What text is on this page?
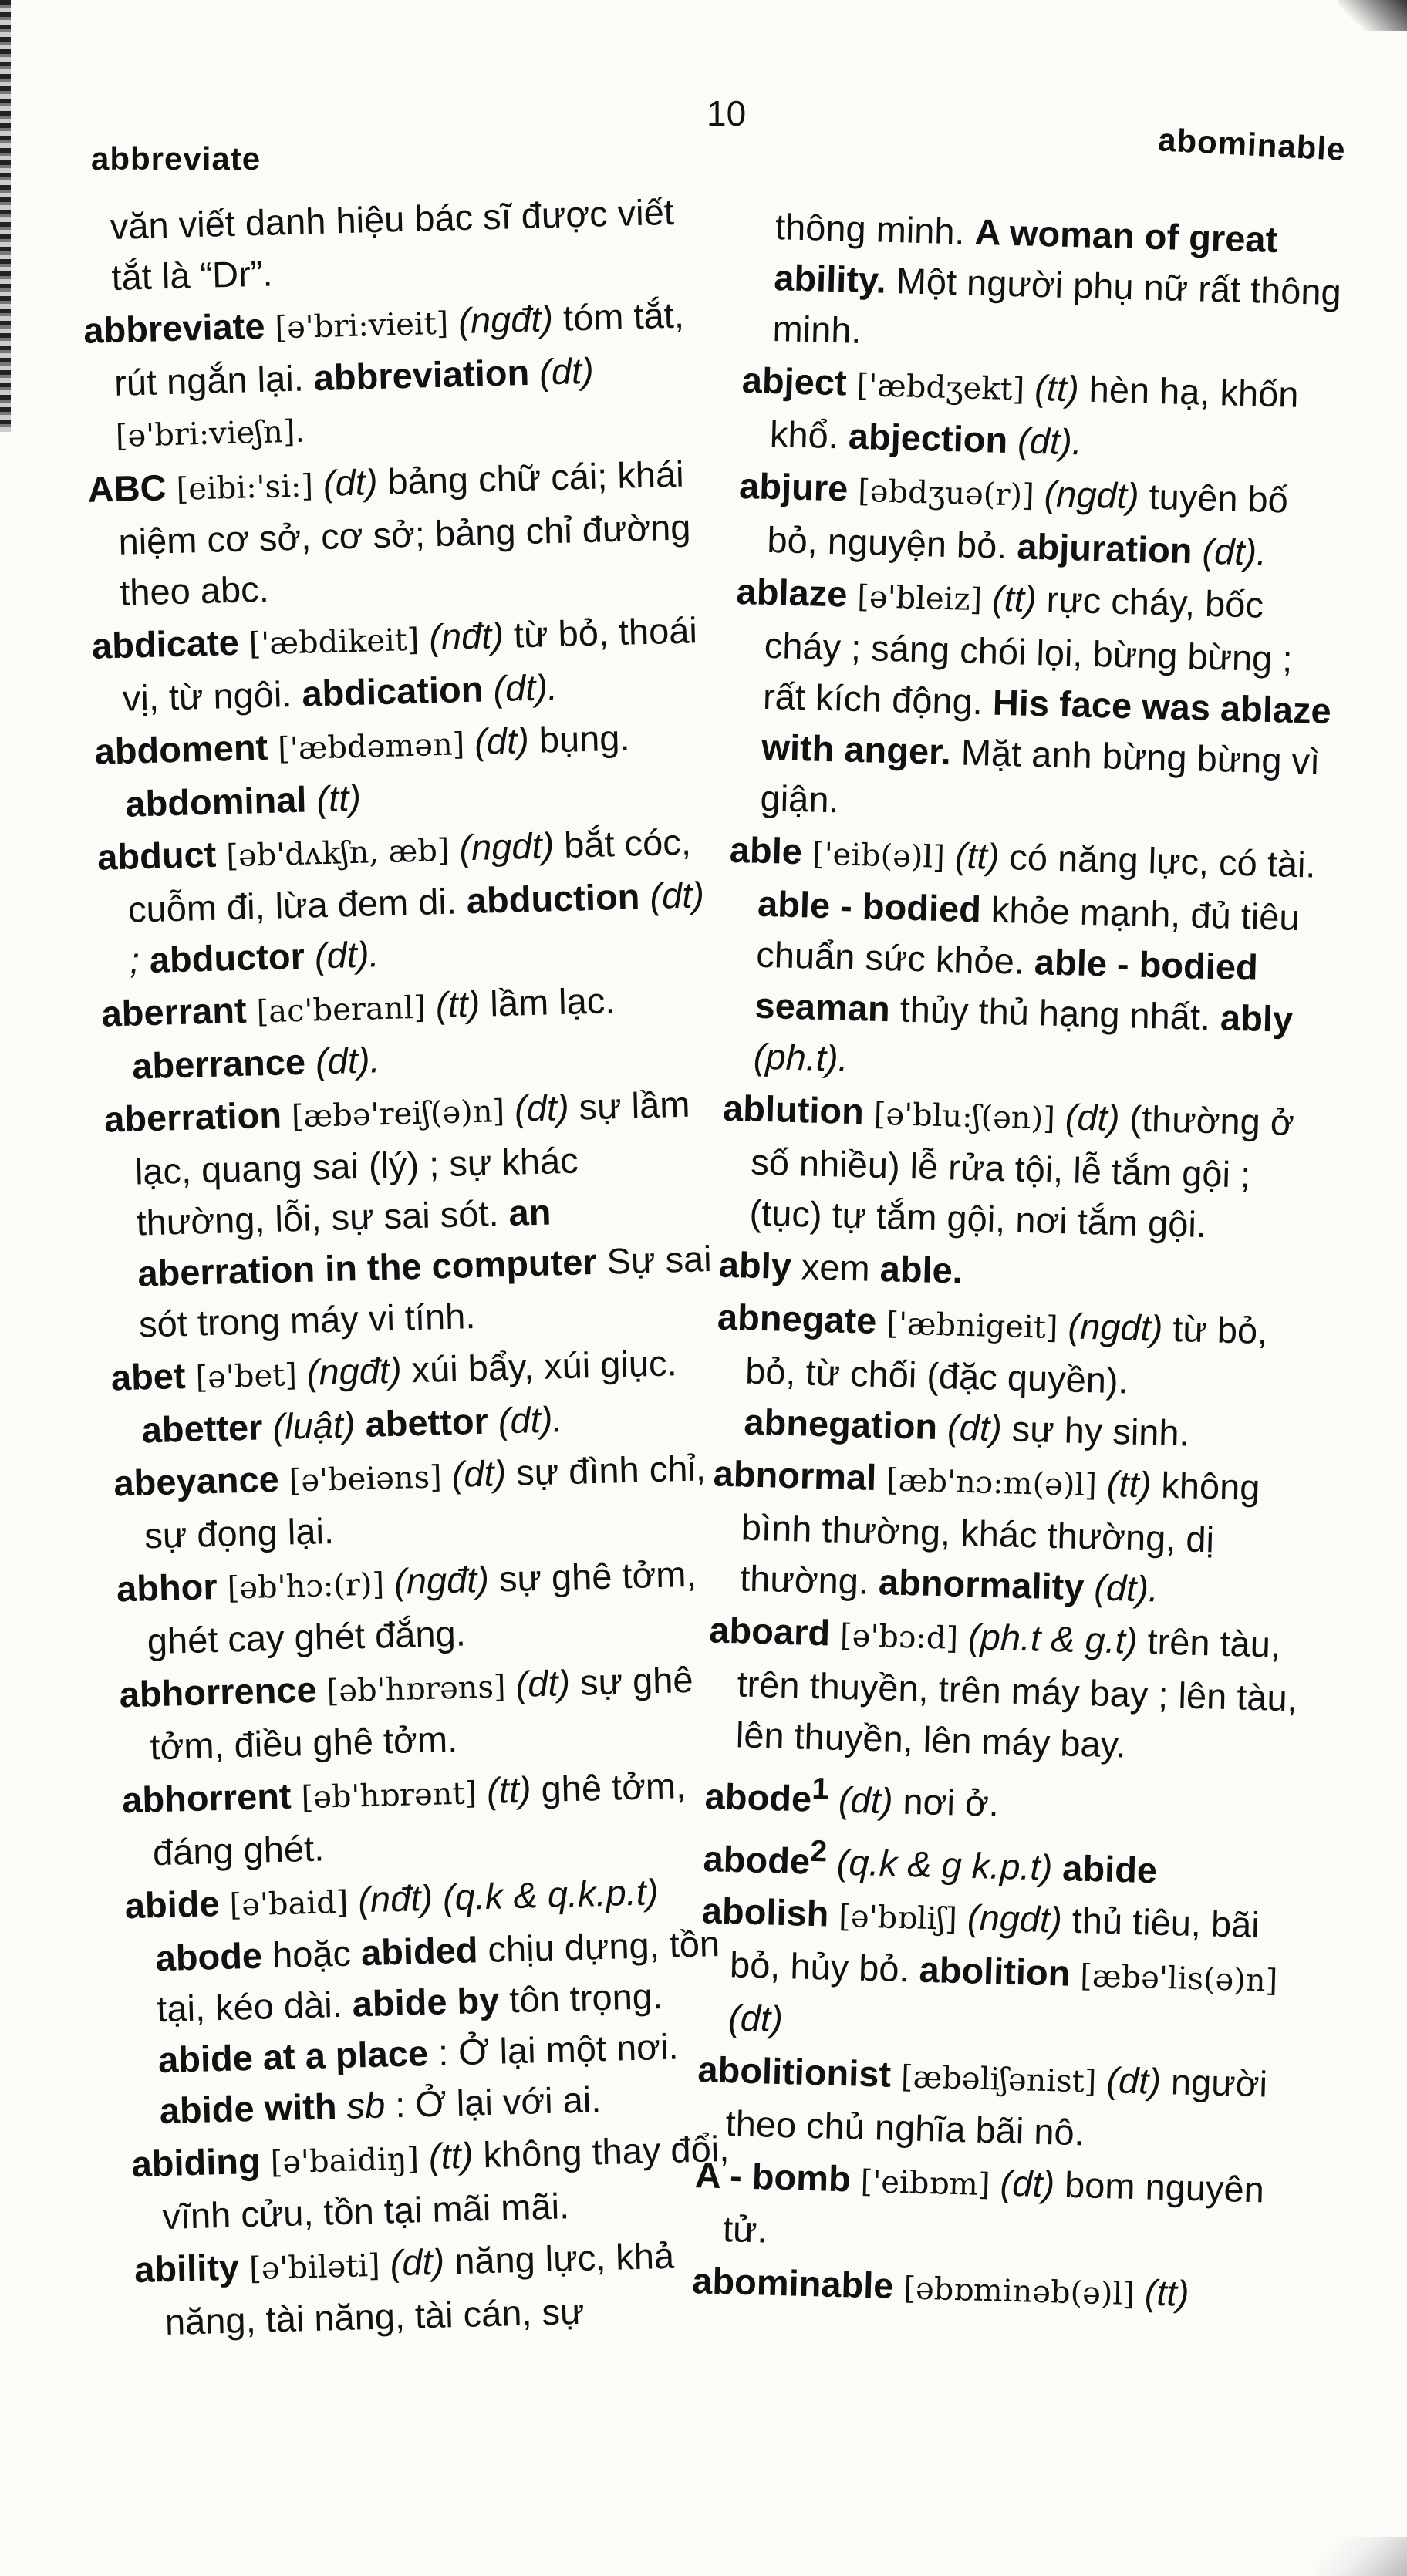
abbreviate
10
abominable
văn viết danh hiệu bác sĩ được viết tắt là “Dr”.
abbreviate [ə'bri:vieit] (ngđt) tóm tắt, rút ngắn lại. abbreviation (dt) [ə'bri:vieʃn].
ABC [eibi:'si:] (dt) bảng chữ cái; khái niệm cơ sở, cơ sở; bảng chỉ đường theo abc.
abdicate ['æbdikeit] (nđt) từ bỏ, thoái vị, từ ngôi. abdication (dt).
abdoment ['æbdəmən] (dt) bụng. abdominal (tt)
abduct [əb'dʌkʃn, æb] (ngdt) bắt cóc, cuỗm đi, lừa đem di. abduction (dt) ; abductor (dt).
aberrant [ac'beranl] (tt) lầm lạc. aberrance (dt).
aberration [æbə'reiʃ(ə)n] (dt) sự lầm lạc, quang sai (lý) ; sự khác thường, lỗi, sự sai sót. an aberration in the computer Sự sai sót trong máy vi tính.
abet [ə'bet] (ngđt) xúi bẩy, xúi giục. abetter (luật) abettor (dt).
abeyance [ə'beiəns] (dt) sự đình chỉ, sự đọng lại.
abhor [əb'hɔ:(r)] (ngđt) sự ghê tởm, ghét cay ghét đắng.
abhorrence [əb'hɒrəns] (dt) sự ghê tởm, điều ghê tởm.
abhorrent [əb'hɒrənt] (tt) ghê tởm, đáng ghét.
abide [ə'baid] (nđt) (q.k & q.k.p.t) abode hoặc abided chịu dựng, tồn tại, kéo dài. abide by tôn trọng. abide at a place : Ở lại một nơi. abide with sb : Ở lại với ai.
abiding [ə'baidiŋ] (tt) không thay đổi, vĩnh cửu, tồn tại mãi mãi.
ability [ə'biləti] (dt) năng lực, khả năng, tài năng, tài cán, sự
thông minh. A woman of great ability. Một người phụ nữ rất thông minh.
abject ['æbdʒekt] (tt) hèn hạ, khốn khổ. abjection (dt).
abjure [əbdʒuə(r)] (ngdt) tuyên bố bỏ, nguyện bỏ. abjuration (dt).
ablaze [ə'bleiz] (tt) rực cháy, bốc cháy ; sáng chói lọi, bừng bừng ; rất kích động. His face was ablaze with anger. Mặt anh bừng bừng vì giận.
able ['eib(ə)l] (tt) có năng lực, có tài. able - bodied khỏe mạnh, đủ tiêu chuẩn sức khỏe. able - bodied seaman thủy thủ hạng nhất. ably (ph.t).
ablution [ə'blu:ʃ(ən)] (dt) (thường ở số nhiều) lễ rửa tội, lễ tắm gội ; (tục) tự tắm gội, nơi tắm gội.
ably xem able.
abnegate ['æbnigeit] (ngdt) từ bỏ, bỏ, từ chối (đặc quyền). abnegation (dt) sự hy sinh.
abnormal [æb'nɔ:m(ə)l] (tt) không bình thường, khác thường, dị thường. abnormality (dt).
aboard [ə'bɔ:d] (ph.t & g.t) trên tàu, trên thuyền, trên máy bay ; lên tàu, lên thuyền, lên máy bay.
abode$^1$ (dt) nơi ở.
abode$^2$ (q.k & g k.p.t) abide
abolish [ə'bɒliʃ] (ngdt) thủ tiêu, bãi bỏ, hủy bỏ. abolition [æbə'lis(ə)n] (dt)
abolitionist [æbəliʃənist] (dt) người theo chủ nghĩa bãi nô.
A - bomb ['eibɒm] (dt) bom nguyên tử.
abominable [əbɒminəb(ə)l] (tt)
